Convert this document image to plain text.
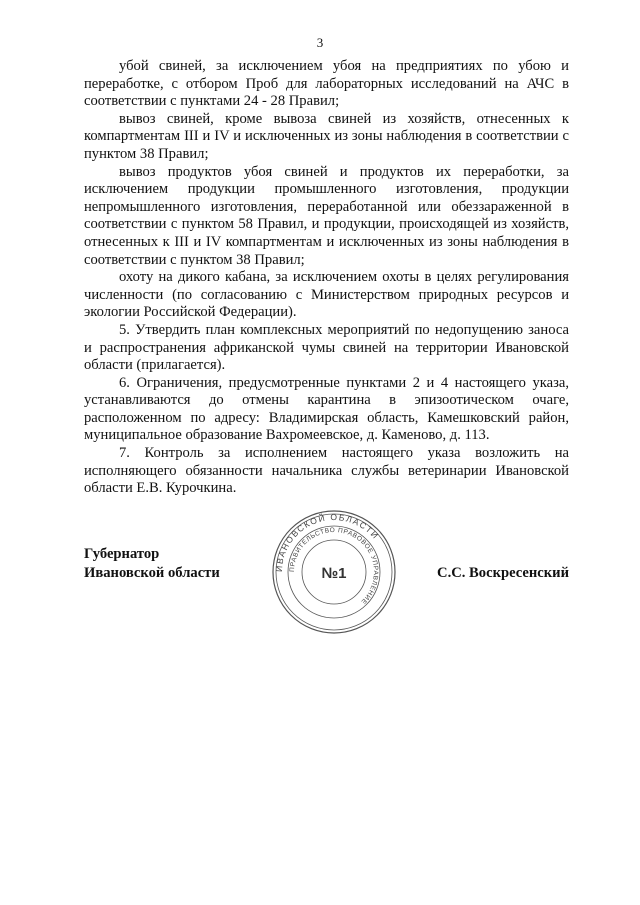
3

убой свиней, за исключением убоя на предприятиях по убою и переработке, с отбором Проб для лабораторных исследований на АЧС в соответствии с пунктами 24 - 28 Правил;

вывоз свиней, кроме вывоза свиней из хозяйств, отнесенных к компартментам III и IV и исключенных из зоны наблюдения в соответствии с пунктом 38 Правил;

вывоз продуктов убоя свиней и продуктов их переработки, за исключением продукции промышленного изготовления, продукции непромышленного изготовления, переработанной или обеззараженной в соответствии с пунктом 58 Правил, и продукции, происходящей из хозяйств, отнесенных к III и IV компартментам и исключенных из зоны наблюдения в соответствии с пунктом 38 Правил;

охоту на дикого кабана, за исключением охоты в целях регулирования численности (по согласованию с Министерством природных ресурсов и экологии Российской Федерации).

5. Утвердить план комплексных мероприятий по недопущению заноса и распространения африканской чумы свиней на территории Ивановской области (прилагается).

6. Ограничения, предусмотренные пунктами 2 и 4 настоящего указа, устанавливаются до отмены карантина в эпизоотическом очаге, расположенном по адресу: Владимирская область, Камешковский район, муниципальное образование Вахромеевское, д. Каменово, д. 113.

7. Контроль за исполнением настоящего указа возложить на исполняющего обязанности начальника службы ветеринарии Ивановской области Е.В. Курочкина.

Губернатор
Ивановской области	С.С. Воскресенский
ИВАНОВСКОЙ ОБЛАСТИ
ПРАВИТЕЛЬСТВО ПРАВОВОЕ УПРАВЛЕНИЕ
№1
